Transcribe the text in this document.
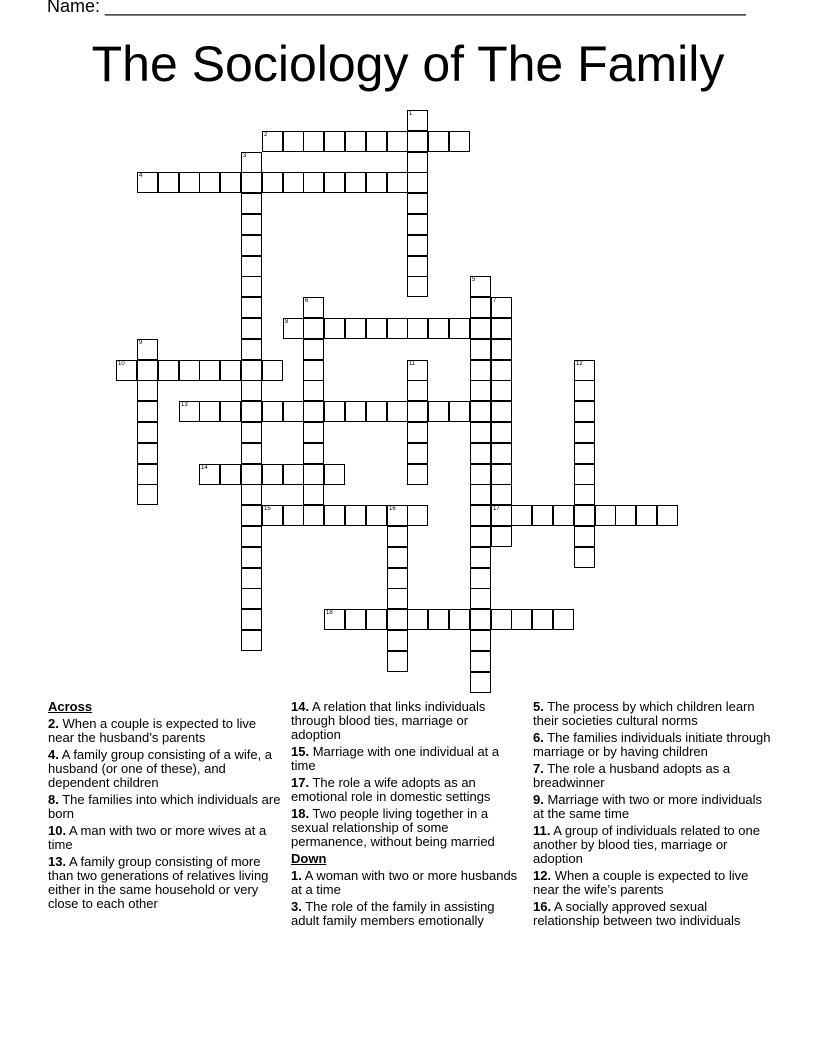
Name: ________________________________________________________________
The Sociology of The Family
1
2
3
4
5
6	7
17
8
9
10	11	12
13
14
15	16
18
Across
2. When a couple is expected to live near the husband’s parents
4. A family group consisting of a wife, a husband (or one of these), and dependent children
8. The families into which individuals are born
10. A man with two or more wives at a time
13. A family group consisting of more than two generations of relatives living either in the same household or very close to each other
14. A relation that links individuals through blood ties, marriage or adoption
15. Marriage with one individual at a time
17. The role a wife adopts as an emotional role in domestic settings
18. Two people living together in a sexual relationship of some permanence, without being married
Down
1. A woman with two or more husbands at a time
3. The role of the family in assisting adult family members emotionally
5. The process by which children learn their societies cultural norms
6. The families individuals initiate through marriage or by having children
7. The role a husband adopts as a breadwinner
9. Marriage with two or more individuals at the same time
11. A group of individuals related to one another by blood ties, marriage or adoption
12. When a couple is expected to live near the wife’s parents
16. A socially approved sexual relationship between two individuals
